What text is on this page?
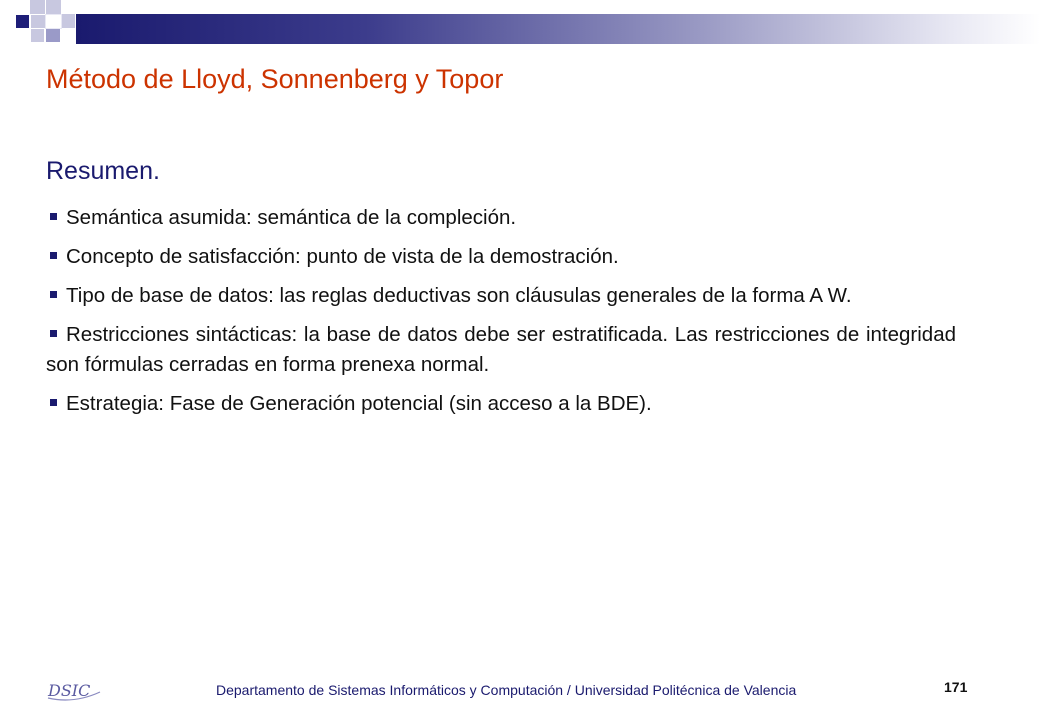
Método de Lloyd, Sonnenberg y Topor
Resumen.
Semántica asumida: semántica de la compleción.
Concepto de satisfacción: punto de vista de la demostración.
Tipo de base de datos: las reglas deductivas son cláusulas generales de la forma A W.
Restricciones sintácticas: la base de datos debe ser estratificada. Las restricciones de integridad son fórmulas cerradas en forma prenexa normal.
Estrategia: Fase de Generación potencial (sin acceso a la BDE).
DSIC	Departamento de Sistemas Informáticos y Computación / Universidad Politécnica de Valencia	171
